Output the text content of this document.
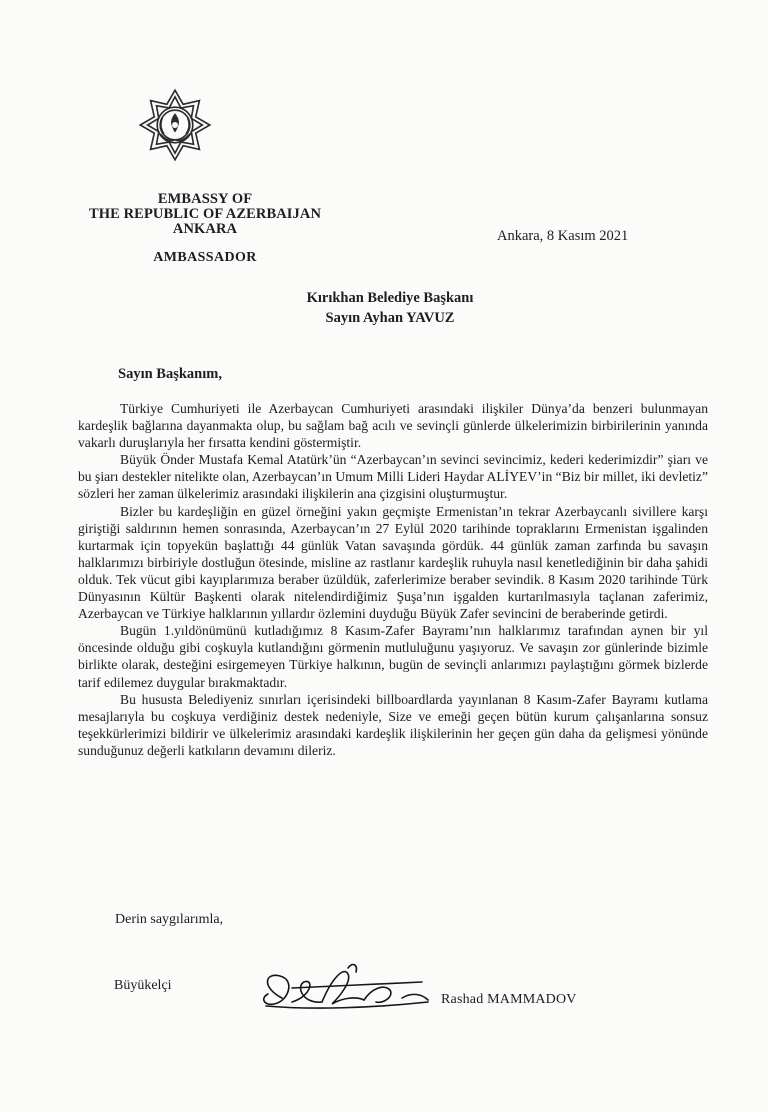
EMBASSY OF
THE REPUBLIC OF AZERBAIJAN
ANKARA
AMBASSADOR
Ankara, 8 Kasım 2021
Kırıkhan Belediye Başkanı
Sayın Ayhan YAVUZ
Sayın Başkanım,

Türkiye Cumhuriyeti ile Azerbaycan Cumhuriyeti arasındaki ilişkiler Dünya’da benzeri bulunmayan kardeşlik bağlarına dayanmakta olup, bu sağlam bağ acılı ve sevinçli günlerde ülkelerimizin birbirilerinin yanında vakarlı duruşlarıyla her fırsatta kendini göstermiştir.

Büyük Önder Mustafa Kemal Atatürk’ün “Azerbaycan’ın sevinci sevincimiz, kederi kederimizdir” şiarı ve bu şiarı destekler nitelikte olan, Azerbaycan’ın Umum Milli Lideri Haydar ALİYEV’in “Biz bir millet, iki devletiz” sözleri her zaman ülkelerimiz arasındaki ilişkilerin ana çizgisini oluşturmuştur.

Bizler bu kardeşliğin en güzel örneğini yakın geçmişte Ermenistan’ın tekrar Azerbaycanlı sivillere karşı giriştiği saldırının hemen sonrasında, Azerbaycan’ın 27 Eylül 2020 tarihinde topraklarını Ermenistan işgalinden kurtarmak için topyekün başlattığı 44 günlük Vatan savaşında gördük. 44 günlük zaman zarfında bu savaşın halklarımızı birbiriyle dostluğun ötesinde, misline az rastlanır kardeşlik ruhuyla nasıl kenetlediğinin bir daha şahidi olduk. Tek vücut gibi kayıplarımıza beraber üzüldük, zaferlerimize beraber sevindik. 8 Kasım 2020 tarihinde Türk Dünyasının Kültür Başkenti olarak nitelendirdiğimiz Şuşa’nın işgalden kurtarılmasıyla taçlanan zaferimiz, Azerbaycan ve Türkiye halklarının yıllardır özlemini duyduğu Büyük Zafer sevincini de beraberinde getirdi.

Bugün 1.yıldönümünü kutladığımız 8 Kasım-Zafer Bayramı’nın halklarımız tarafından aynen bir yıl öncesinde olduğu gibi coşkuyla kutlandığını görmenin mutluluğunu yaşıyoruz. Ve savaşın zor günlerinde bizimle birlikte olarak, desteğini esirgemeyen Türkiye halkının, bugün de sevinçli anlarımızı paylaştığını görmek bizlerde tarif edilemez duygular bırakmaktadır.

Bu hususta Belediyeniz sınırları içerisindeki billboardlarda yayınlanan 8 Kasım-Zafer Bayramı kutlama mesajlarıyla bu coşkuya verdiğiniz destek nedeniyle, Size ve emeği geçen bütün kurum çalışanlarına sonsuz teşekkürlerimizi bildirir ve ülkelerimiz arasındaki kardeşlik ilişkilerinin her geçen gün daha da gelişmesi yönünde sunduğunuz değerli katkıların devamını dileriz.

Derin saygılarımla,
Büyükelçi
Rashad MAMMADOV
